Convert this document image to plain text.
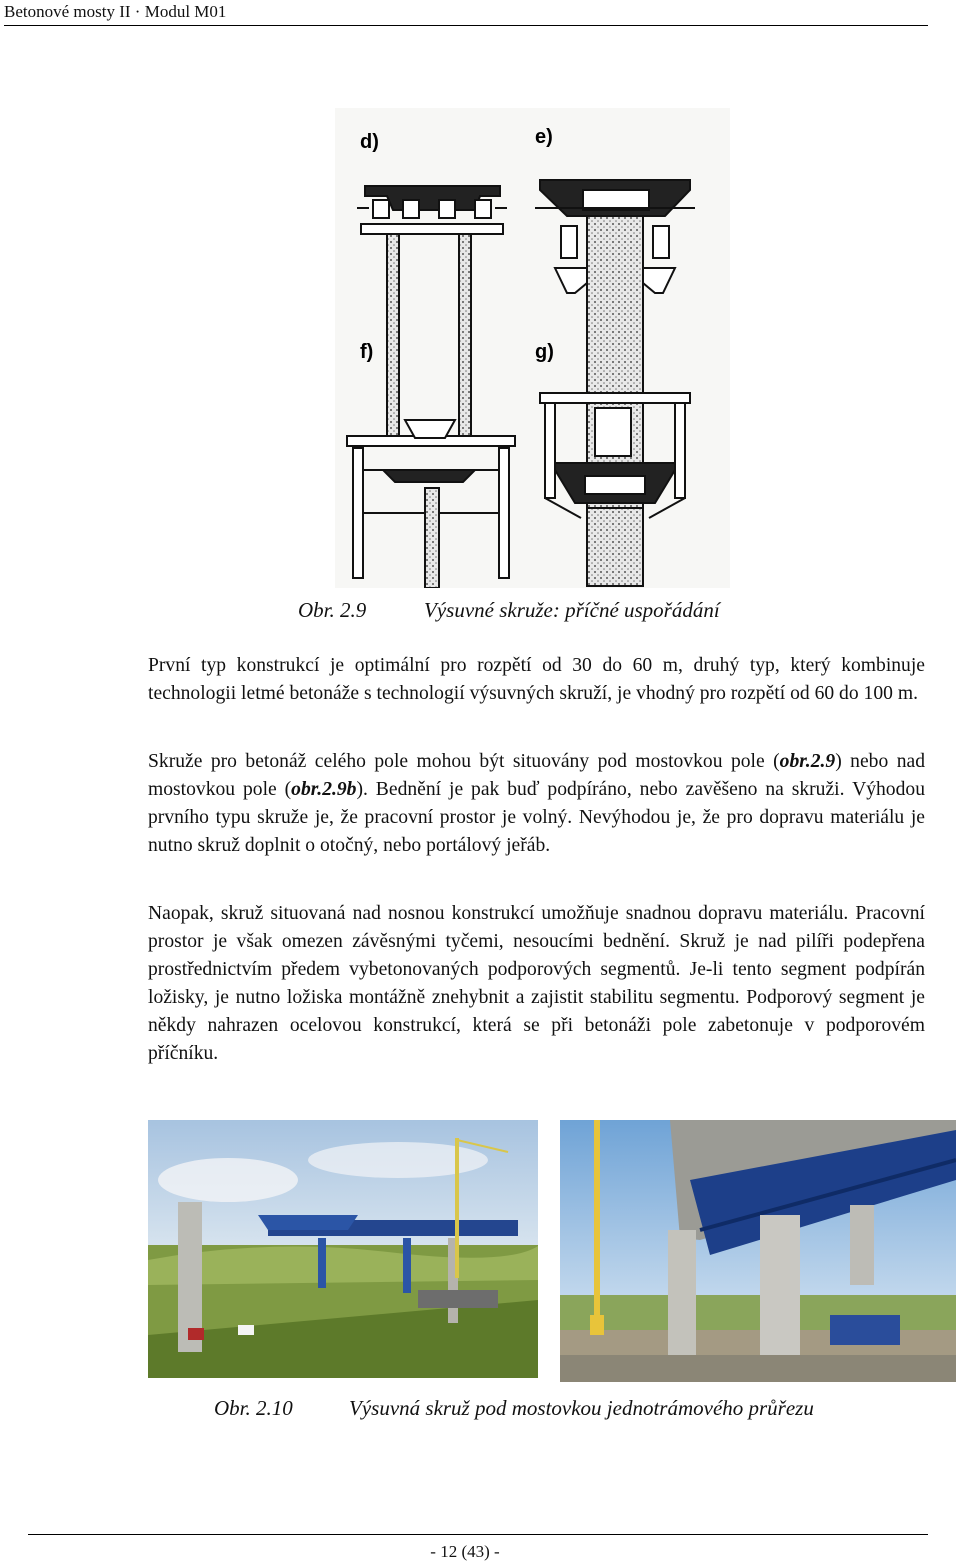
Betonové mosty II · Modul M01
d)	e)
f)	g)
Obr. 2.9	Výsuvné skruže: příčné uspořádání
První typ konstrukcí je optimální pro rozpětí od 30 do 60 m, druhý typ, který kombinuje technologii letmé betonáže s technologií výsuvných skruží, je vhodný pro rozpětí od 60 do 100 m.
Skruže pro betonáž celého pole mohou být situovány pod mostovkou pole (obr.2.9) nebo nad mostovkou pole (obr.2.9b). Bednění je pak buď podpíráno, nebo zavěšeno na skruži. Výhodou prvního typu skruže je, že pracovní prostor je volný. Nevýhodou je, že pro dopravu materiálu je nutno skruž doplnit o otočný, nebo portálový jeřáb.
Naopak, skruž situovaná nad nosnou konstrukcí umožňuje snadnou dopravu materiálu. Pracovní prostor je však omezen závěsnými tyčemi, nesoucími bednění. Skruž je nad pilíři podepřena prostřednictvím předem vybetonovaných podporových segmentů. Je-li tento segment podpírán ložisky, je nutno ložiska montážně znehybnit a zajistit stabilitu segmentu. Podporový segment je někdy nahrazen ocelovou konstrukcí, která se při betonáži pole zabetonuje v podporovém příčníku.
Obr. 2.10	Výsuvná skruž pod mostovkou jednotrámového průřezu
- 12 (43) -
